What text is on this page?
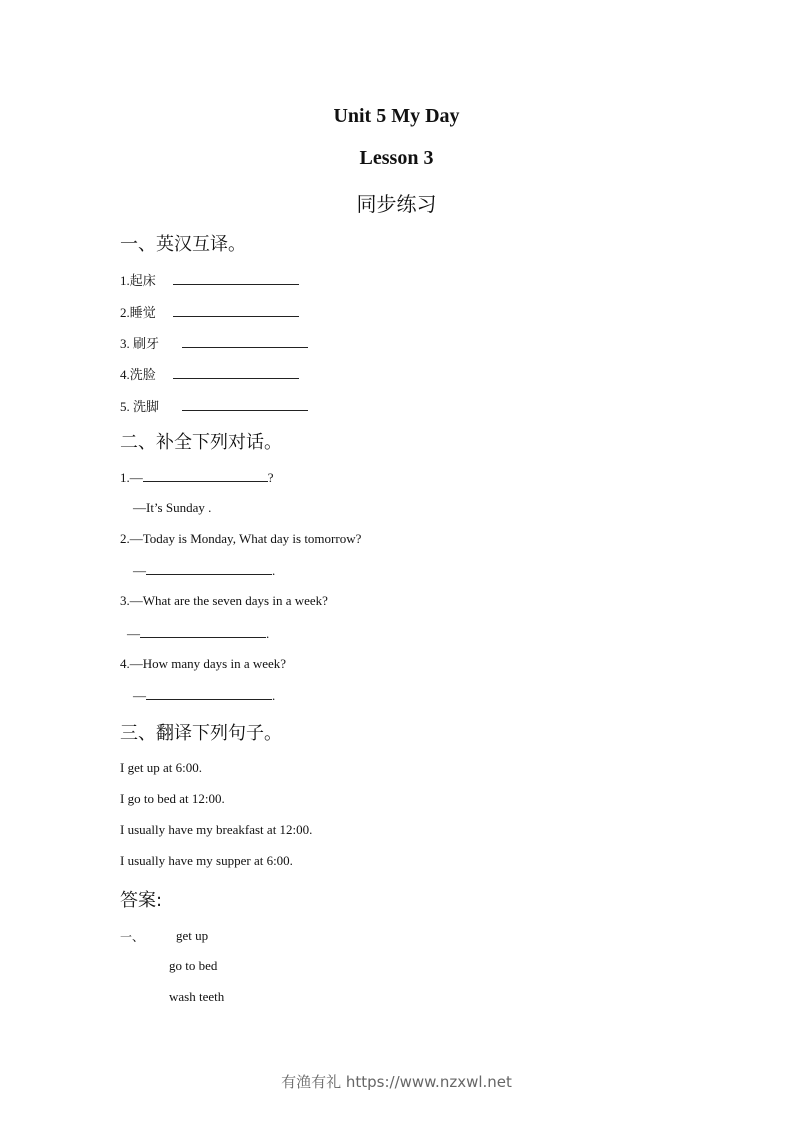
Unit 5 My Day
Lesson 3
同步练习
一、英汉互译。
1.起床
2.睡觉
3. 刷牙
4.洗脸
5. 洗脚
二、补全下列对话。
1.—	?
—It’s Sunday .
2.—Today is Monday, What day is tomorrow?
—	.
3.—What are the seven days in a week?
—	.
4.—How many days in a week?
—	.
三、翻译下列句子。
I get up at 6:00.
I go to bed at 12:00.
I usually have my breakfast at 12:00.
I usually have my supper at 6:00.
答案:
一、 get up
go to bed
wash teeth
有渔有礼 https://www.nzxwl.net
